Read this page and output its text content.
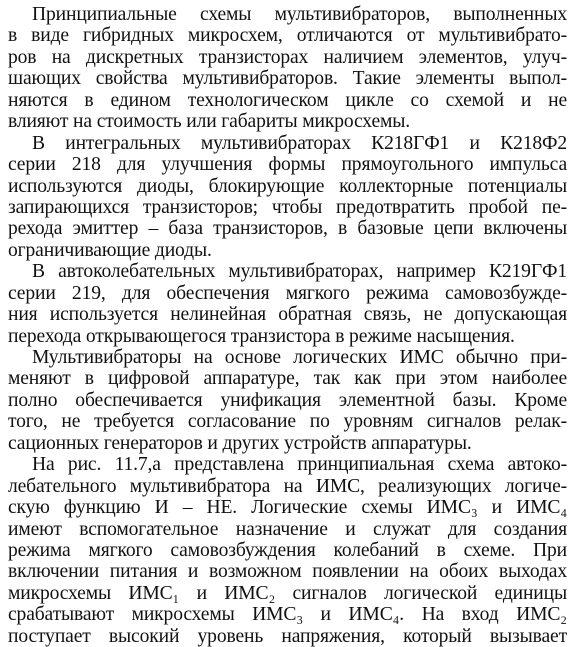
Принципиальные схемы мультивибраторов, выполненных
в виде гибридных микросхем, отличаются от мультивибрато-
ров на дискретных транзисторах наличием элементов, улуч-
шающих свойства мультивибраторов. Такие элементы выпол-
няются в едином технологическом цикле со схемой и не
влияют на стоимость или габариты микросхемы.
В интегральных мультивибраторах К218ГФ1 и К218Ф2
серии 218 для улучшения формы прямоугольного импульса
используются диоды, блокирующие коллекторные потенциалы
запирающихся транзисторов; чтобы предотвратить пробой пе-
рехода эмиттер – база транзисторов, в базовые цепи включены
ограничивающие диоды.
В автоколебательных мультивибраторах, например К219ГФ1
серии 219, для обеспечения мягкого режима самовозбужде-
ния используется нелинейная обратная связь, не допускающая
перехода открывающегося транзистора в режиме насыщения.
Мультивибраторы на основе логических ИМС обычно при-
меняют в цифровой аппаратуре, так как при этом наиболее
полно обеспечивается унификация элементной базы. Кроме
того, не требуется согласование по уровням сигналов релак-
сационных генераторов и других устройств аппаратуры.
На рис. 11.7,а представлена принципиальная схема автоко-
лебательного мультивибратора на ИМС, реализующих логиче-
скую функцию И – НЕ. Логические схемы ИМС₃ и ИМС₄
имеют вспомогательное назначение и служат для создания
режима мягкого самовозбуждения колебаний в схеме. При
включении питания и возможном появлении на обоих выходах
микросхемы ИМС₁ и ИМС₂ сигналов логической единицы
срабатывают микросхемы ИМС₃ и ИМС₄. На вход ИМС₂
поступает высокий уровень напряжения, который вызывает
